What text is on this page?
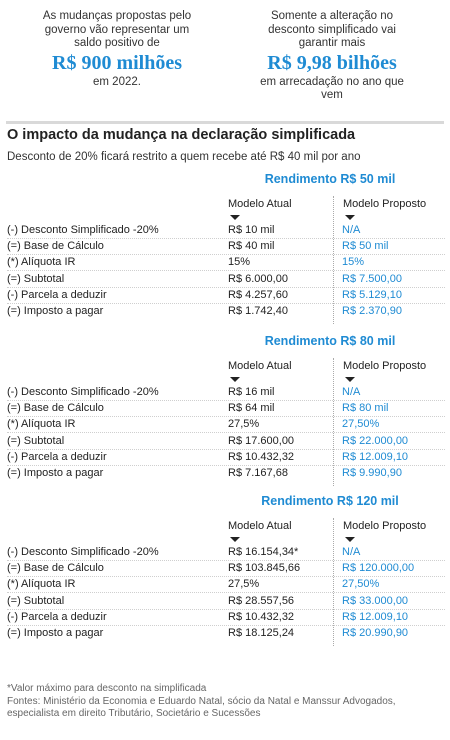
As mudanças propostas pelo governo vão representar um saldo positivo de
R$ 900 milhões
em 2022.
Somente a alteração no desconto simplificado vai garantir mais
R$ 9,98 bilhões
em arrecadação no ano que vem
O impacto da mudança na declaração simplificada
Desconto de 20% ficará restrito a quem recebe até R$ 40 mil por ano
Rendimento R$ 50 mil
Modelo Atual	Modelo Proposto
(-) Desconto Simplificado -20%	R$ 10 mil	N/A
(=) Base de Cálculo	R$ 40 mil	R$ 50 mil
(*) Alíquota IR	15%	15%
(=) Subtotal	R$ 6.000,00	R$ 7.500,00
(-) Parcela a deduzir	R$ 4.257,60	R$ 5.129,10
(=) Imposto a pagar	R$ 1.742,40	R$ 2.370,90
Rendimento R$ 80 mil
Modelo Atual	Modelo Proposto
(-) Desconto Simplificado -20%	R$ 16 mil	N/A
(=) Base de Cálculo	R$ 64 mil	R$ 80 mil
(*) Alíquota IR	27,5%	27,50%
(=) Subtotal	R$ 17.600,00	R$ 22.000,00
(-) Parcela a deduzir	R$ 10.432,32	R$ 12.009,10
(=) Imposto a pagar	R$ 7.167,68	R$ 9.990,90
Rendimento R$ 120 mil
Modelo Atual	Modelo Proposto
(-) Desconto Simplificado -20%	R$ 16.154,34*	N/A
(=) Base de Cálculo	R$ 103.845,66	R$ 120.000,00
(*) Alíquota IR	27,5%	27,50%
(=) Subtotal	R$ 28.557,56	R$ 33.000,00
(-) Parcela a deduzir	R$ 10.432,32	R$ 12.009,10
(=) Imposto a pagar	R$ 18.125,24	R$ 20.990,90
*Valor máximo para desconto na simplificada
Fontes: Ministério da Economia e Eduardo Natal, sócio da Natal e Manssur Advogados, especialista em direito Tributário, Societário e Sucessões
